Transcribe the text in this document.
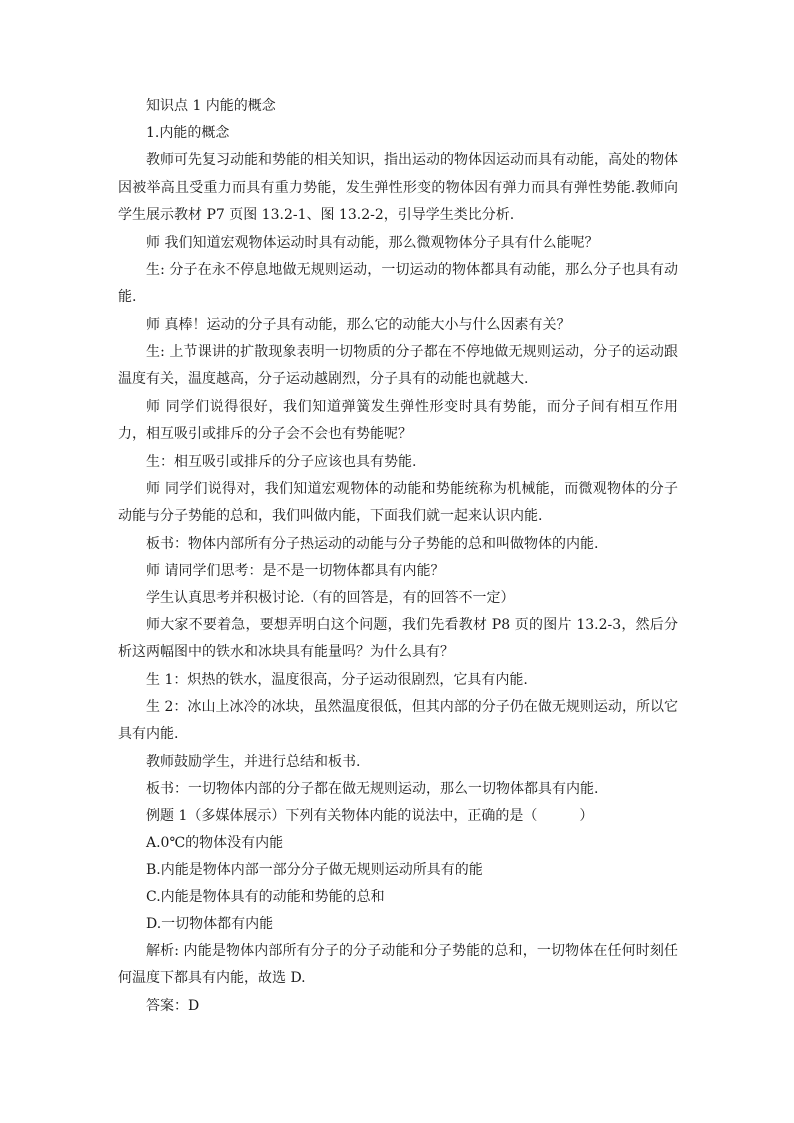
知识点 1 内能的概念

1.内能的概念

教师可先复习动能和势能的相关知识，指出运动的物体因运动而具有动能，高处的物体因被举高且受重力而具有重力势能，发生弹性形变的物体因有弹力而具有弹性势能.教师向学生展示教材 P7 页图 13.2-1、图 13.2-2，引导学生类比分析.

师 我们知道宏观物体运动时具有动能，那么微观物体分子具有什么能呢？

生: 分子在永不停息地做无规则运动，一切运动的物体都具有动能，那么分子也具有动能.

师 真棒！运动的分子具有动能，那么它的动能大小与什么因素有关？

生: 上节课讲的扩散现象表明一切物质的分子都在不停地做无规则运动，分子的运动跟温度有关，温度越高，分子运动越剧烈，分子具有的动能也就越大.

师 同学们说得很好，我们知道弹簧发生弹性形变时具有势能，而分子间有相互作用力，相互吸引或排斥的分子会不会也有势能呢？

生：相互吸引或排斥的分子应该也具有势能.

师 同学们说得对，我们知道宏观物体的动能和势能统称为机械能，而微观物体的分子动能与分子势能的总和，我们叫做内能，下面我们就一起来认识内能.

板书：物体内部所有分子热运动的动能与分子势能的总和叫做物体的内能.

师 请同学们思考：是不是一切物体都具有内能？

学生认真思考并积极讨论.（有的回答是，有的回答不一定）

师大家不要着急，要想弄明白这个问题，我们先看教材 P8 页的图片 13.2-3，然后分析这两幅图中的铁水和冰块具有能量吗？为什么具有？

生 1：炽热的铁水，温度很高，分子运动很剧烈，它具有内能.

生 2：冰山上冰冷的冰块，虽然温度很低，但其内部的分子仍在做无规则运动，所以它具有内能.

教师鼓励学生，并进行总结和板书.

板书：一切物体内部的分子都在做无规则运动，那么一切物体都具有内能.

例题 1（多媒体展示）下列有关物体内能的说法中，正确的是（　　　）

A.0℃的物体没有内能

B.内能是物体内部一部分分子做无规则运动所具有的能

C.内能是物体具有的动能和势能的总和

D.一切物体都有内能

解析: 内能是物体内部所有分子的分子动能和分子势能的总和，一切物体在任何时刻任何温度下都具有内能，故选 D.

答案：D
